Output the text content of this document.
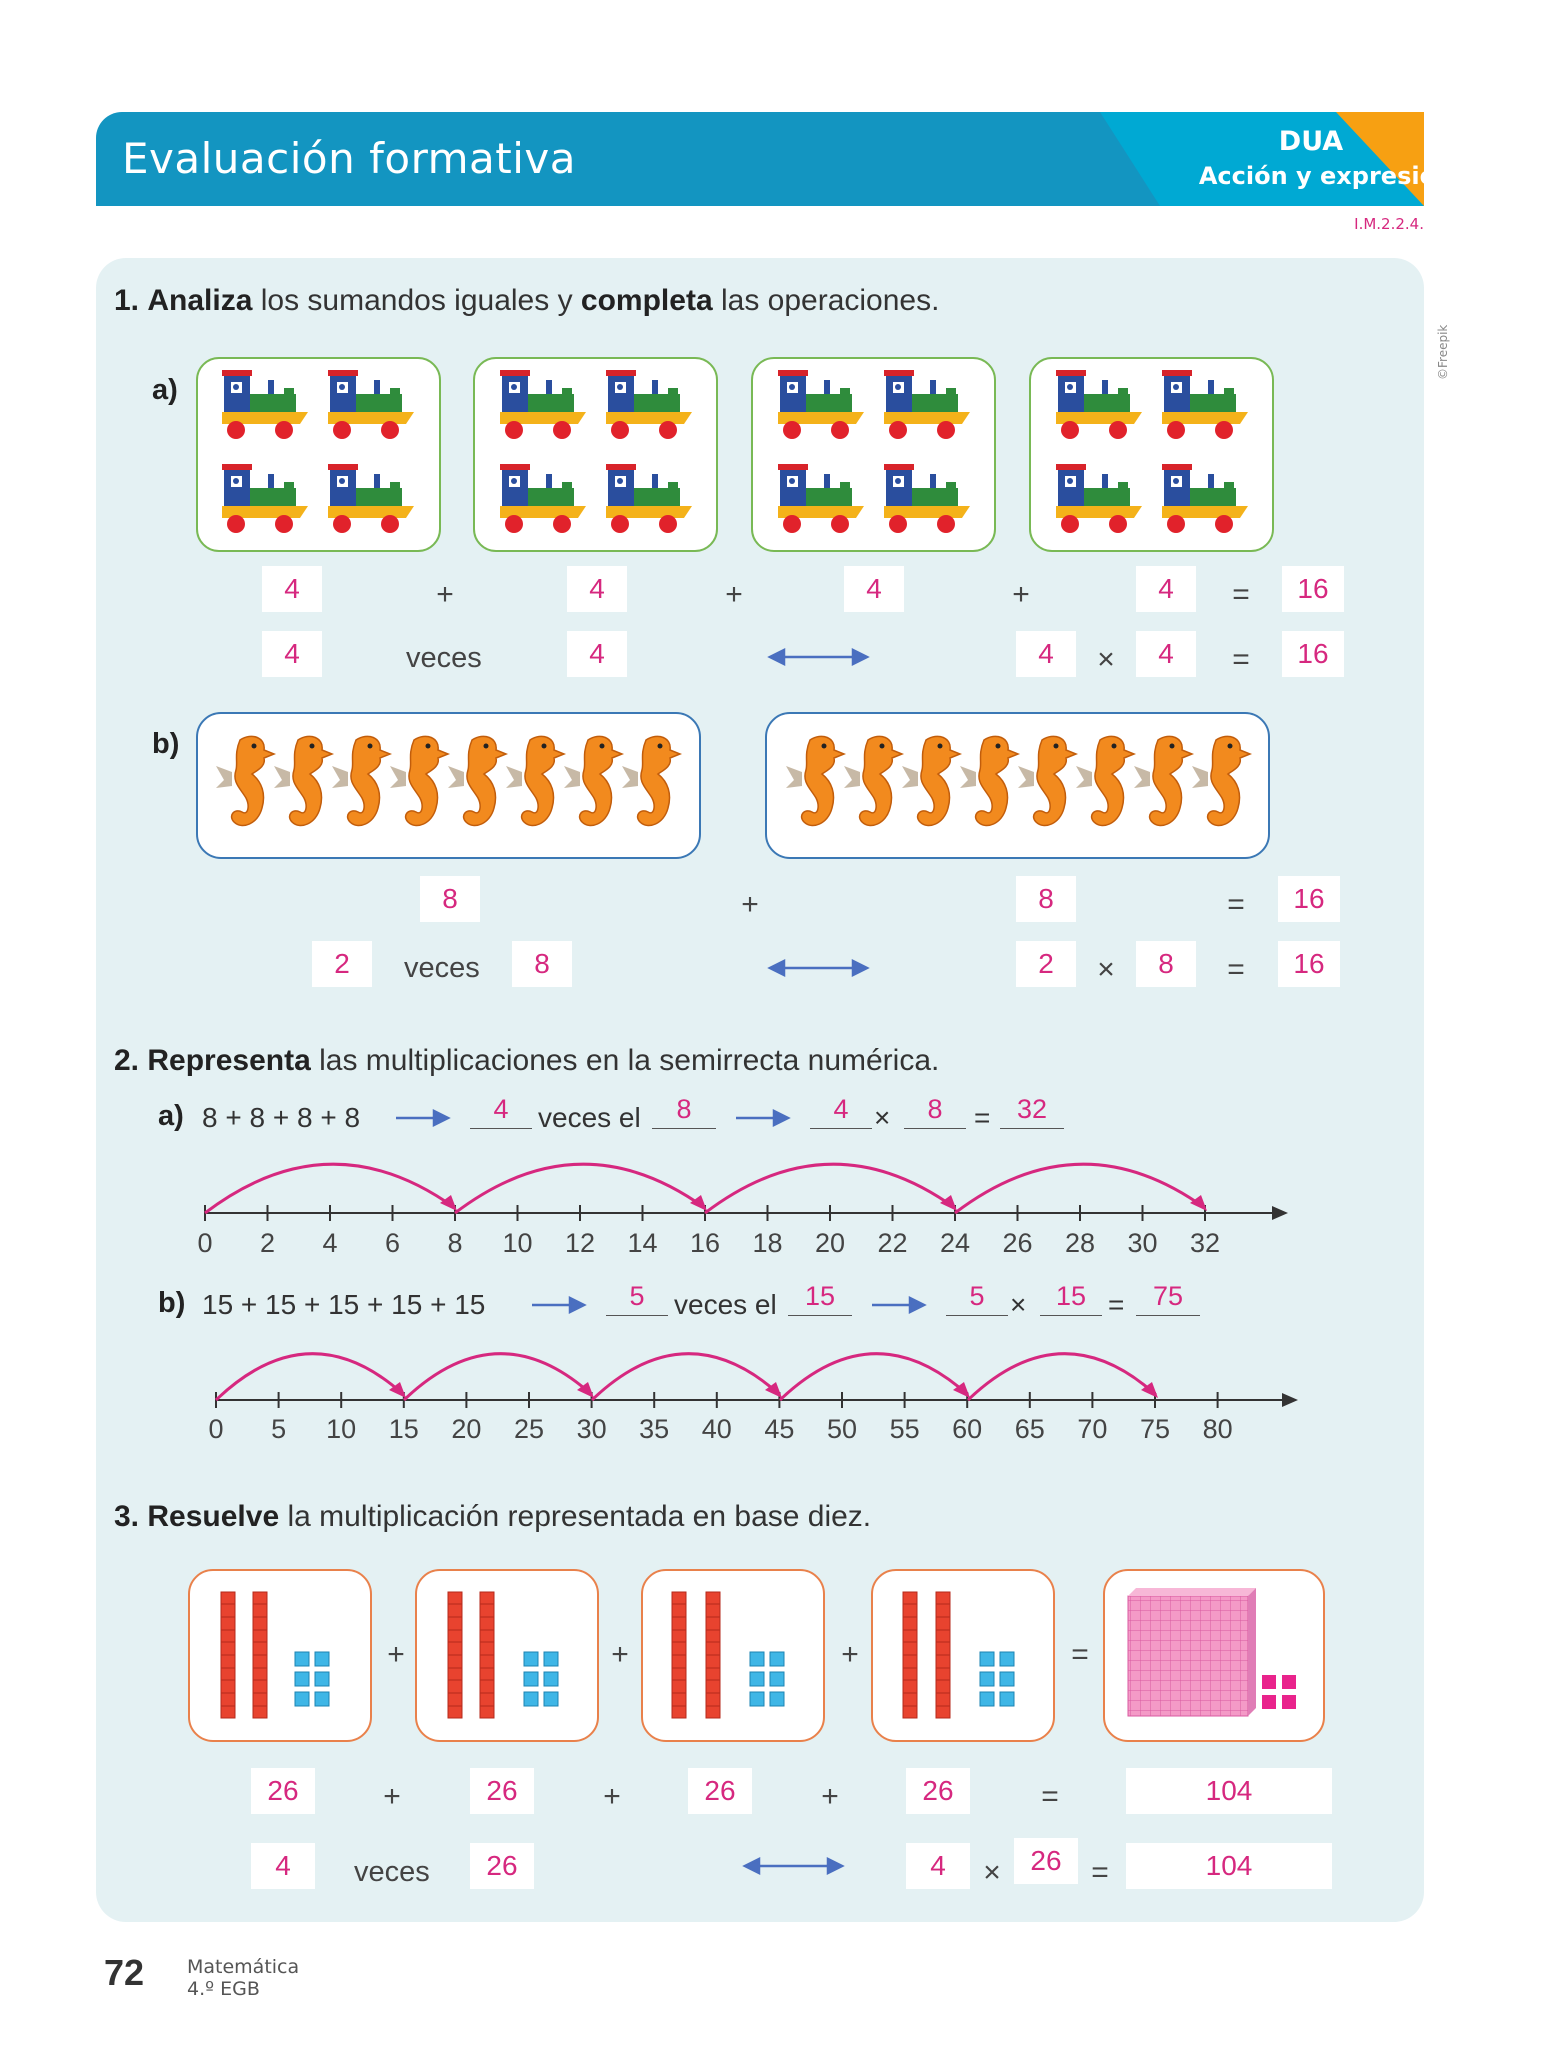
Evaluación formativa	DUA
Acción y expresión
I.M.2.2.4.
©Freepik
1. Analiza los sumandos iguales y completa las operaciones.
a)
4	+	4	+	4	+	4	=	16
4	veces	4	4	×	4	=	16
b)
8	+	8	=	16
2	veces	8	2	×	8	=	16
2. Representa las multiplicaciones en la semirrecta numérica.
a) 8 + 8 + 8 + 8	4	veces el	8	4 ×	8	= 32
0	2	4	6	8	10	12	14	16	18	20	22	24	26	28	30	32
b) 15 + 15 + 15 + 15 + 15	5	veces el	15	5 ×	15 =	75
0	5	10	15	20	25	30	35	40	45	50	55	60	65	70	75	80
3. Resuelve la multiplicación representada en base diez.
+	+	+	=
26	+	26	+	26	+	26	=	104
4	veces	26	4	×	26 =	104
72 Matemática
4.º EGB
